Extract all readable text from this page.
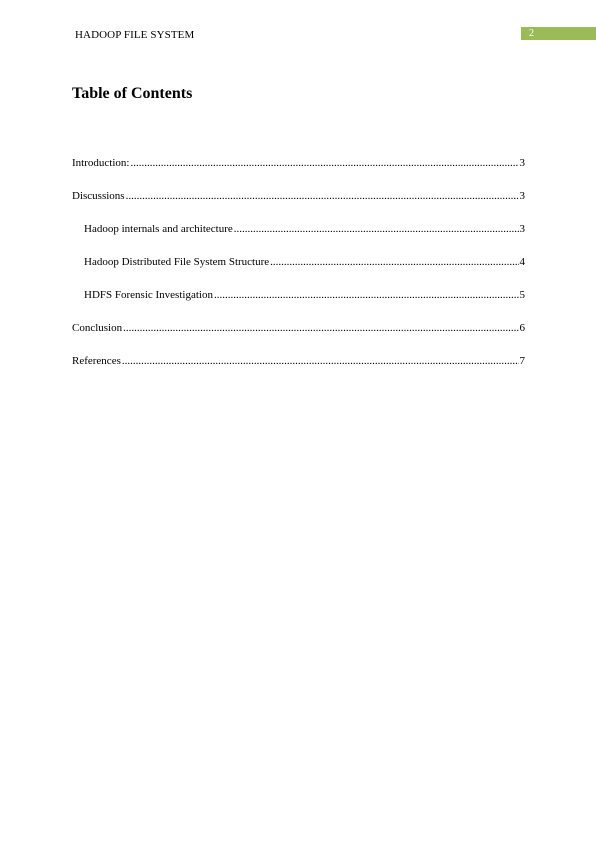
HADOOP FILE SYSTEM	2
Table of Contents
Introduction: .....	3
Discussions .....	3
Hadoop internals and architecture .....	3
Hadoop Distributed File System Structure .....	4
HDFS Forensic Investigation .....	5
Conclusion .....	6
References .....	7
